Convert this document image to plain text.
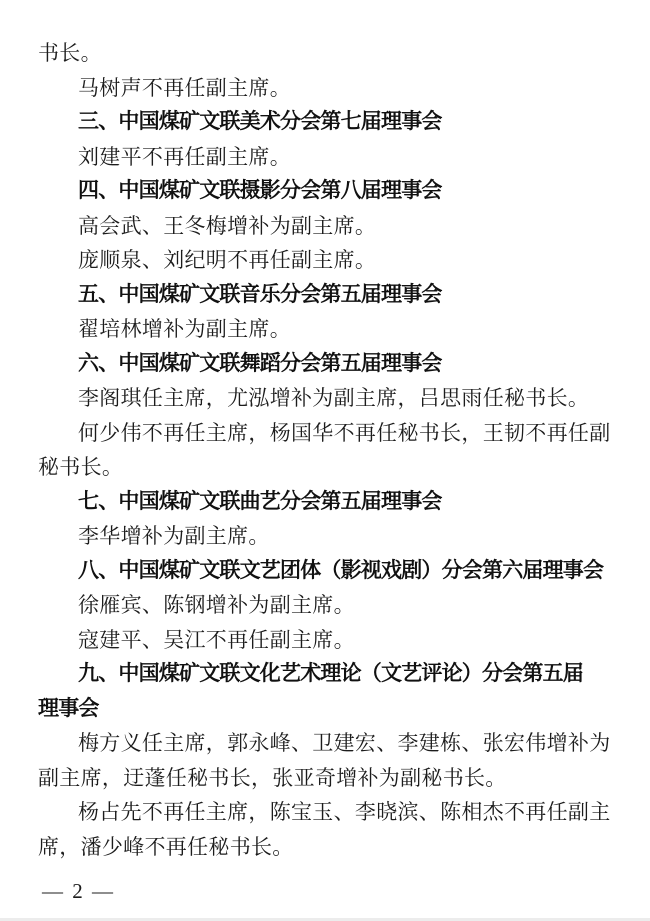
书长。
马树声不再任副主席。
三、中国煤矿文联美术分会第七届理事会
刘建平不再任副主席。
四、中国煤矿文联摄影分会第八届理事会
高会武、王冬梅增补为副主席。
庞顺泉、刘纪明不再任副主席。
五、中国煤矿文联音乐分会第五届理事会
翟培林增补为副主席。
六、中国煤矿文联舞蹈分会第五届理事会
李阁琪任主席，尤泓增补为副主席，吕思雨任秘书长。
何少伟不再任主席，杨国华不再任秘书长，王韧不再任副
秘书长。
七、中国煤矿文联曲艺分会第五届理事会
李华增补为副主席。
八、中国煤矿文联文艺团体（影视戏剧）分会第六届理事会
徐雁宾、陈钢增补为副主席。
寇建平、吴江不再任副主席。
九、中国煤矿文联文化艺术理论（文艺评论）分会第五届
理事会
梅方义任主席，郭永峰、卫建宏、李建栋、张宏伟增补为
副主席，迂蓬任秘书长，张亚奇增补为副秘书长。
杨占先不再任主席，陈宝玉、李晓滨、陈相杰不再任副主
席，潘少峰不再任秘书长。
— 2 —
